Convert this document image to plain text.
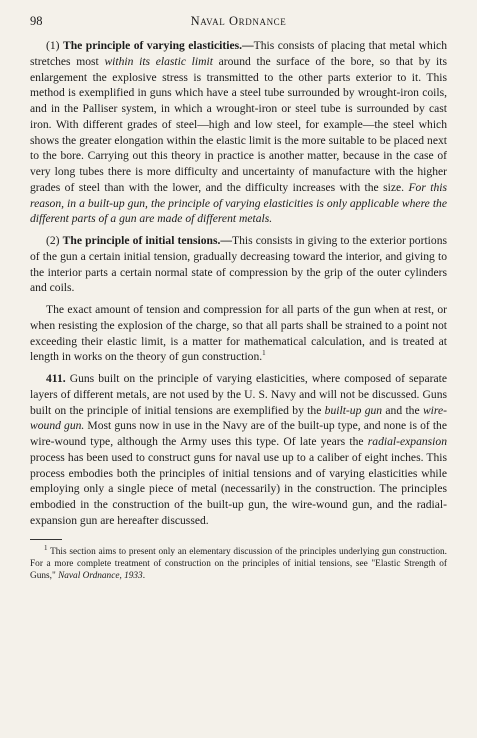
98	Naval Ordnance

(1) The principle of varying elasticities.—This consists of placing that metal which stretches most within its elastic limit around the surface of the bore, so that by its enlargement the explosive stress is transmitted to the other parts exterior to it. This method is exemplified in guns which have a steel tube surrounded by wrought-iron coils, and in the Palliser system, in which a wrought-iron or steel tube is surrounded by cast iron. With different grades of steel—high and low steel, for example—the steel which shows the greater elongation within the elastic limit is the more suitable to be placed next to the bore. Carrying out this theory in practice is another matter, because in the case of very long tubes there is more difficulty and uncertainty of manufacture with the higher grades of steel than with the lower, and the difficulty increases with the size. For this reason, in a built-up gun, the principle of varying elasticities is only applicable where the different parts of a gun are made of different metals.

(2) The principle of initial tensions.—This consists in giving to the exterior portions of the gun a certain initial tension, gradually decreasing toward the interior, and giving to the interior parts a certain normal state of compression by the grip of the outer cylinders and coils.

The exact amount of tension and compression for all parts of the gun when at rest, or when resisting the explosion of the charge, so that all parts shall be strained to a point not exceeding their elastic limit, is a matter for mathematical calculation, and is treated at length in works on the theory of gun construction.$^1$

411. Guns built on the principle of varying elasticities, where composed of separate layers of different metals, are not used by the U. S. Navy and will not be discussed. Guns built on the principle of initial tensions are exemplified by the built-up gun and the wire-wound gun. Most guns now in use in the Navy are of the built-up type, and none is of the wire-wound type, although the Army uses this type. Of late years the radial-expansion process has been used to construct guns for naval use up to a caliber of eight inches. This process embodies both the principles of initial tensions and of varying elasticities while employing only a single piece of metal (necessarily) in the construction. The principles embodied in the construction of the built-up gun, the wire-wound gun, and the radial-expansion gun are hereafter discussed.

$^1$ This section aims to present only an elementary discussion of the principles underlying gun construction. For a more complete treatment of construction on the principles of initial tensions, see "Elastic Strength of Guns," Naval Ordnance, 1933.
